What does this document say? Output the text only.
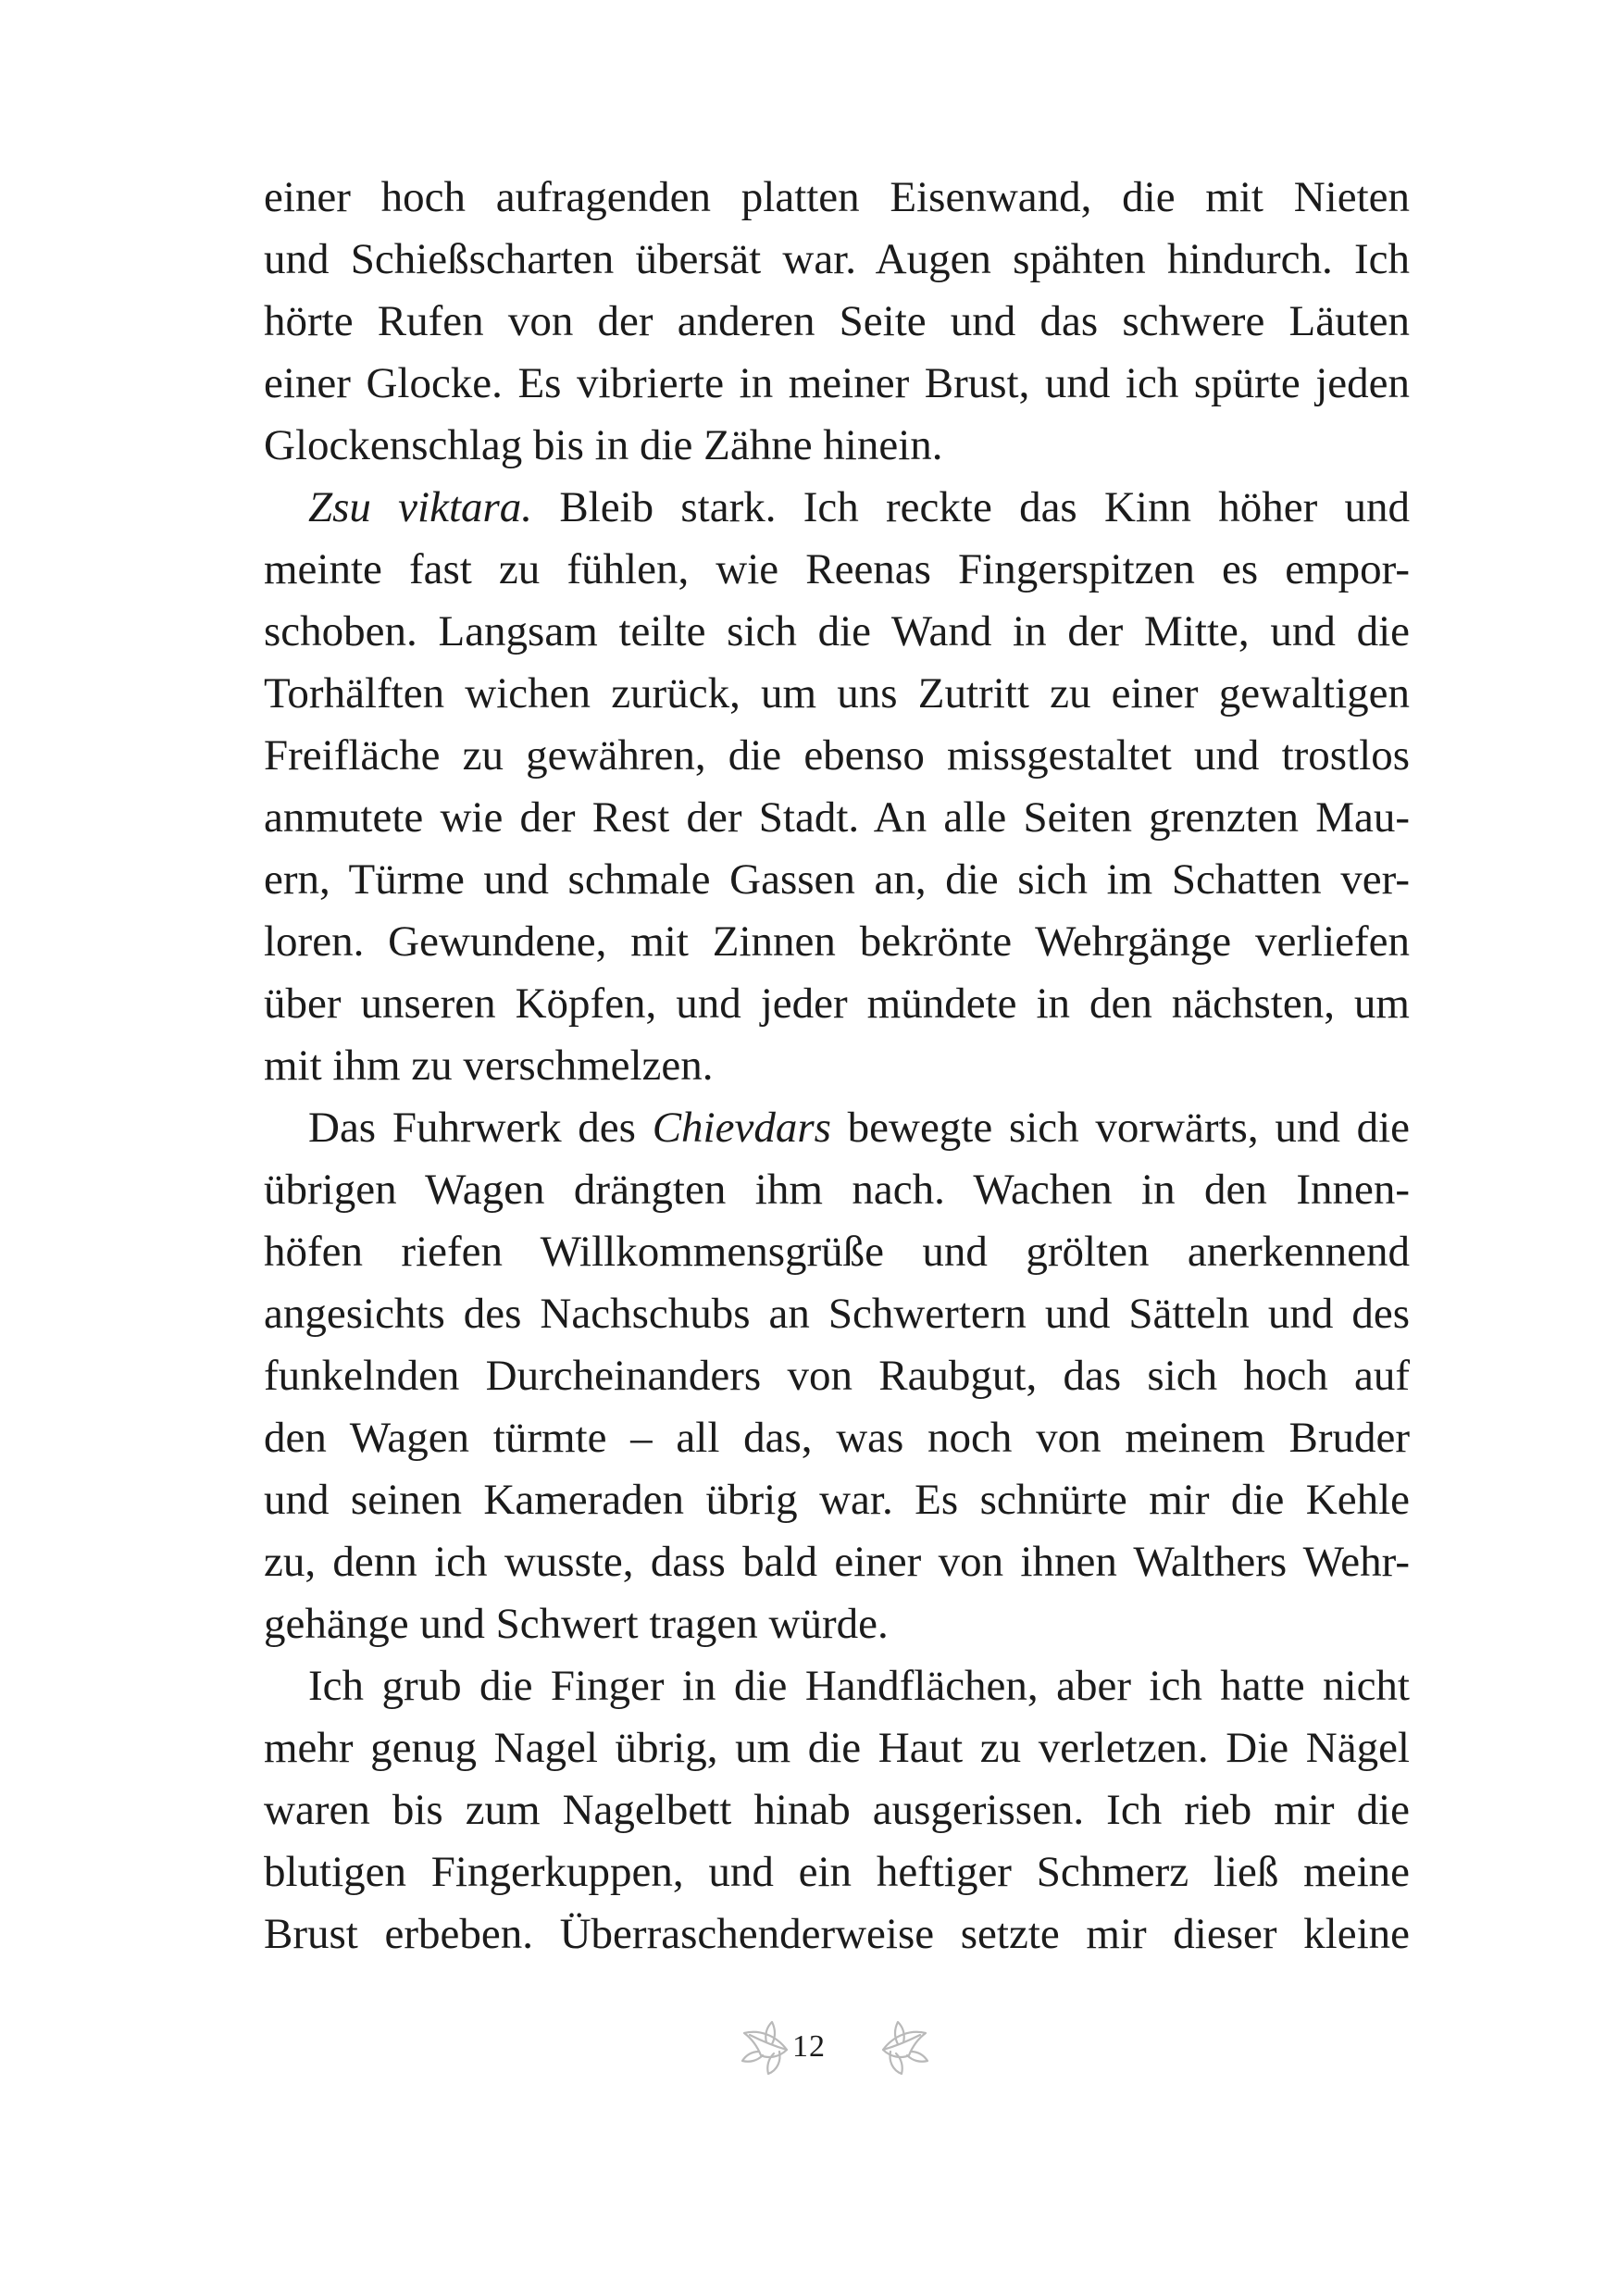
einer hoch aufragenden platten Eisenwand, die mit Nieten
und Schießscharten übersät war. Augen spähten hindurch. Ich
hörte Rufen von der anderen Seite und das schwere Läuten
einer Glocke. Es vibrierte in meiner Brust, und ich spürte jeden
Glockenschlag bis in die Zähne hinein.
Zsu viktara. Bleib stark. Ich reckte das Kinn höher und
meinte fast zu fühlen, wie Reenas Fingerspitzen es empor-
schoben. Langsam teilte sich die Wand in der Mitte, und die
Torhälften wichen zurück, um uns Zutritt zu einer gewaltigen
Freifläche zu gewähren, die ebenso missgestaltet und trostlos
anmutete wie der Rest der Stadt. An alle Seiten grenzten Mau-
ern, Türme und schmale Gassen an, die sich im Schatten ver-
loren. Gewundene, mit Zinnen bekrönte Wehrgänge verliefen
über unseren Köpfen, und jeder mündete in den nächsten, um
mit ihm zu verschmelzen.
Das Fuhrwerk des Chievdars bewegte sich vorwärts, und die
übrigen Wagen drängten ihm nach. Wachen in den Innen-
höfen riefen Willkommensgrüße und grölten anerkennend
angesichts des Nachschubs an Schwertern und Sätteln und des
funkelnden Durcheinanders von Raubgut, das sich hoch auf
den Wagen türmte – all das, was noch von meinem Bruder
und seinen Kameraden übrig war. Es schnürte mir die Kehle
zu, denn ich wusste, dass bald einer von ihnen Walthers Wehr-
gehänge und Schwert tragen würde.
Ich grub die Finger in die Handflächen, aber ich hatte nicht
mehr genug Nagel übrig, um die Haut zu verletzen. Die Nägel
waren bis zum Nagelbett hinab ausgerissen. Ich rieb mir die
blutigen Fingerkuppen, und ein heftiger Schmerz ließ meine
Brust erbeben. Überraschenderweise setzte mir dieser kleine
12
